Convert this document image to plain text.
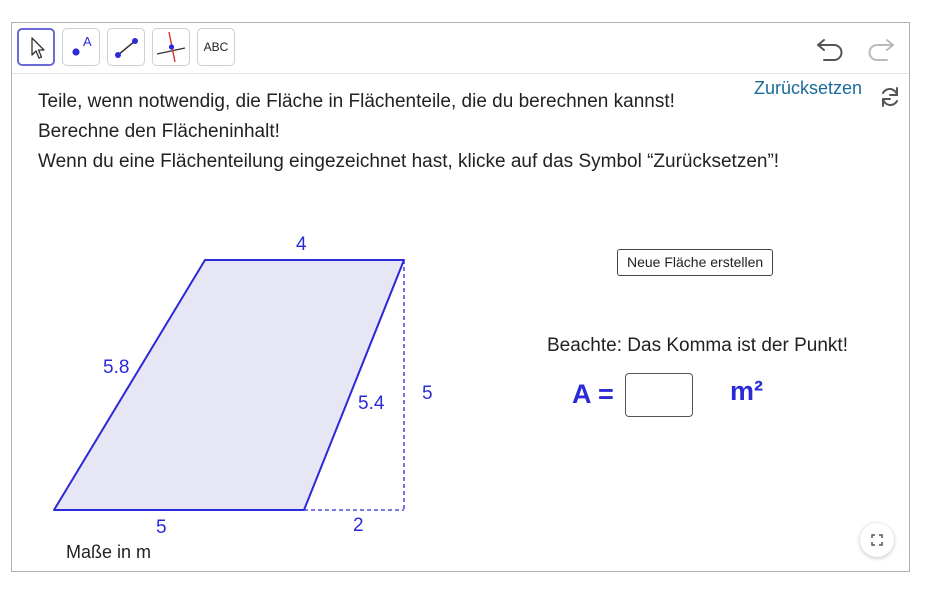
A	ABC
Teile, wenn notwendig, die Fläche in Flächenteile, die du berechnen kannst!
Berechne den Flächeninhalt!
Wenn du eine Flächenteilung eingezeichnet hast, klicke auf das Symbol “Zurücksetzen”!
Zurücksetzen
4
5.8
5.4 5
5	2
Neue Fläche erstellen
Beachte: Das Komma ist der Punkt!
A =	m²
Maße in m
